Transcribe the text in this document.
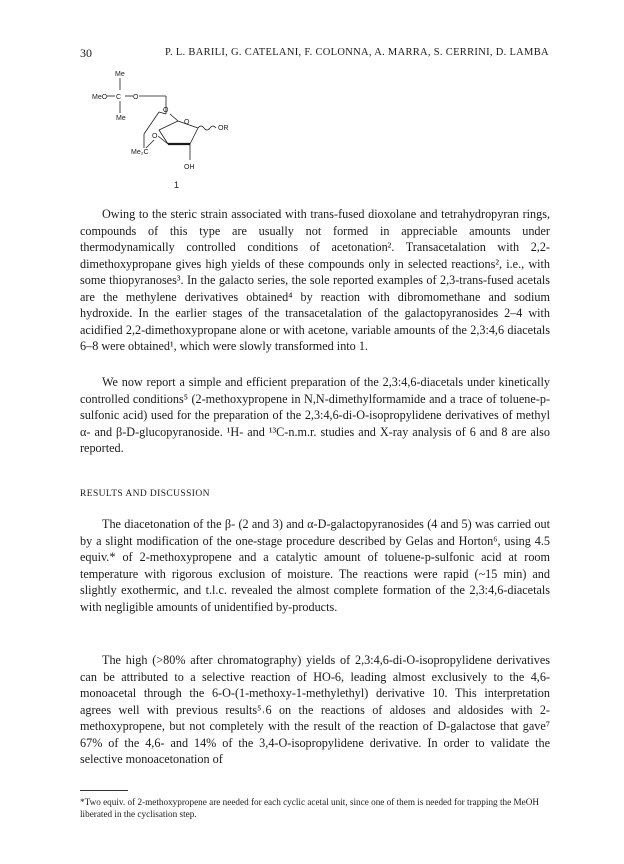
30	P. L. BARILI, G. CATELANI, F. COLONNA, A. MARRA, S. CERRINI, D. LAMBA
Me
MeO C O
Me
O
O
OR
Me₂C
O
OH
1

Owing to the steric strain associated with trans-fused dioxolane and tetrahydropyran rings, compounds of this type are usually not formed in appreciable amounts under thermodynamically controlled conditions of acetonation². Transacetalation with 2,2-dimethoxypropane gives high yields of these compounds only in selected reactions², i.e., with some thiopyranoses³. In the galacto series, the sole reported examples of 2,3-trans-fused acetals are the methylene derivatives obtained⁴ by reaction with dibromomethane and sodium hydroxide. In the earlier stages of the transacetalation of the galactopyranosides 2–4 with acidified 2,2-dimethoxypropane alone or with acetone, variable amounts of the 2,3:4,6 diacetals 6–8 were obtained¹, which were slowly transformed into 1.

We now report a simple and efficient preparation of the 2,3:4,6-diacetals under kinetically controlled conditions⁵ (2-methoxypropene in N,N-dimethylformamide and a trace of toluene-p-sulfonic acid) used for the preparation of the 2,3:4,6-di-O-isopropylidene derivatives of methyl α- and β-D-glucopyranoside. ¹H- and ¹³C-n.m.r. studies and X-ray analysis of 6 and 8 are also reported.

RESULTS AND DISCUSSION

The diacetonation of the β- (2 and 3) and α-D-galactopyranosides (4 and 5) was carried out by a slight modification of the one-stage procedure described by Gelas and Horton⁶, using 4.5 equiv.* of 2-methoxypropene and a catalytic amount of toluene-p-sulfonic acid at room temperature with rigorous exclusion of moisture. The reactions were rapid (~15 min) and slightly exothermic, and t.l.c. revealed the almost complete formation of the 2,3:4,6-diacetals with negligible amounts of unidentified by-products.

The high (>80% after chromatography) yields of 2,3:4,6-di-O-isopropylidene derivatives can be attributed to a selective reaction of HO-6, leading almost exclusively to the 4,6-monoacetal through the 6-O-(1-methoxy-1-methylethyl) derivative 10. This interpretation agrees well with previous results⁵˒6 on the reactions of aldoses and aldosides with 2-methoxypropene, but not completely with the result of the reaction of D-galactose that gave⁷ 67% of the 4,6- and 14% of the 3,4-O-isopropylidene derivative. In order to validate the selective monoacetonation of

*Two equiv. of 2-methoxypropene are needed for each cyclic acetal unit, since one of them is needed for trapping the MeOH liberated in the cyclisation step.
